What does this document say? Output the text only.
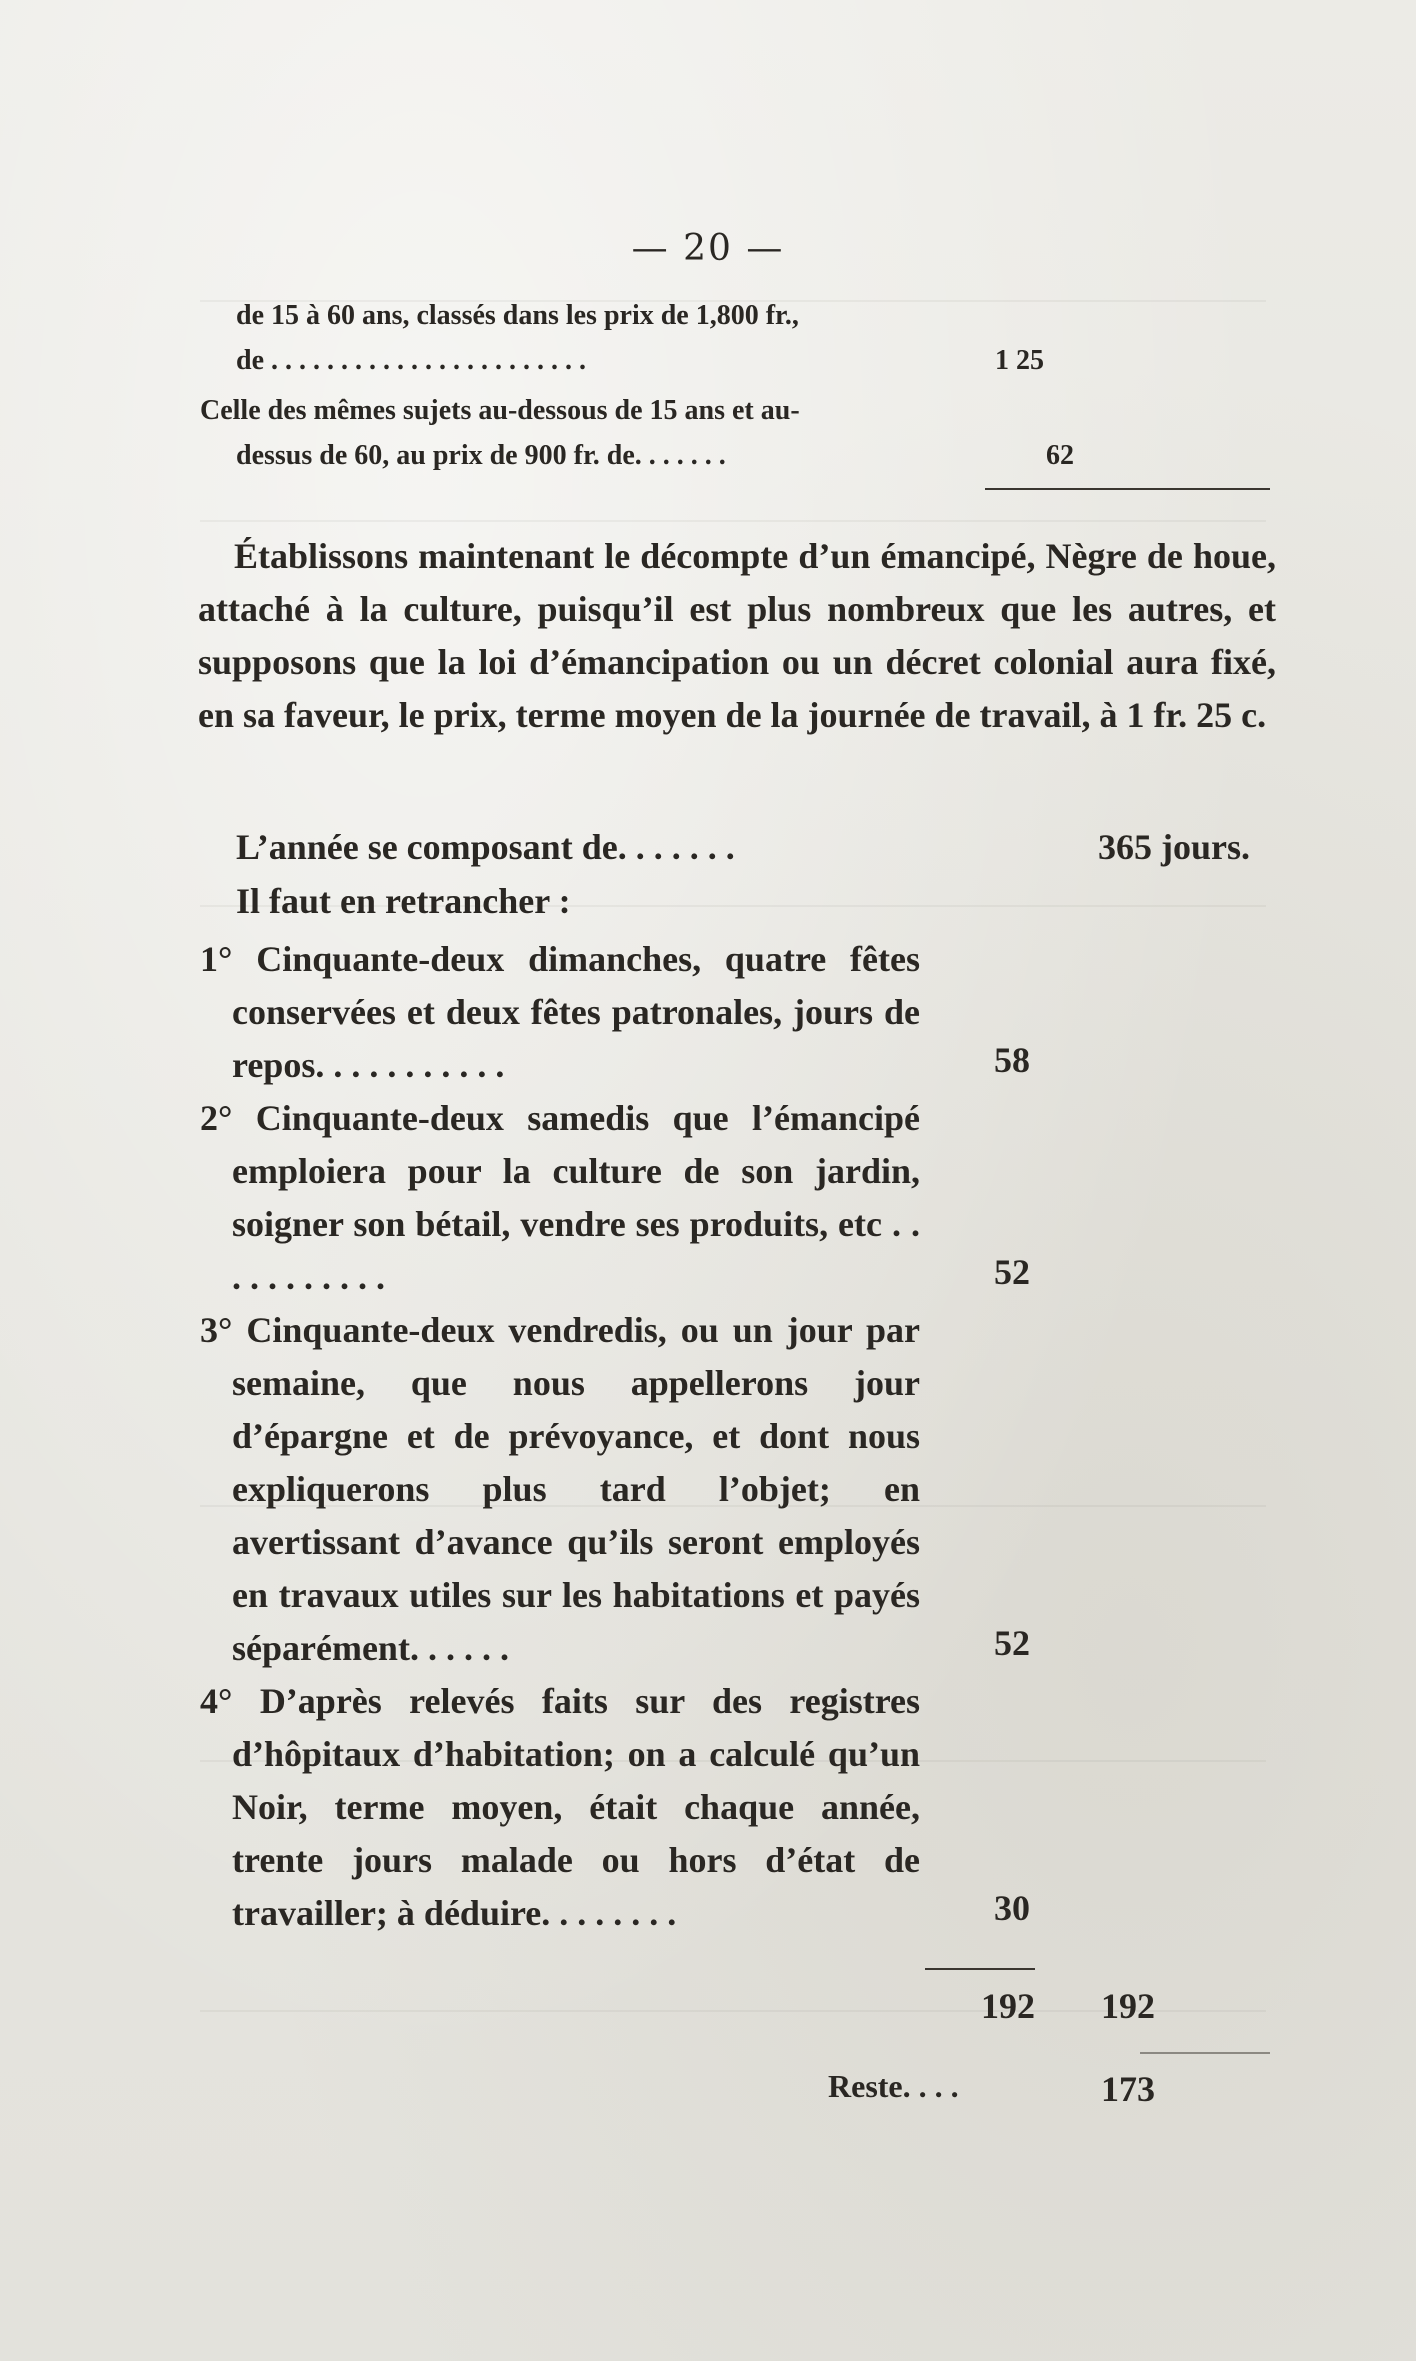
— 20 —
de 15 à 60 ans, classés dans les prix de 1,800 fr.,
de . . . . . . . . . . . . . . . . . . . . . . .	1 25
Celle des mêmes sujets au-dessous de 15 ans et au-
dessus de 60, au prix de 900 fr. de. . . . . . .	62
Établissons maintenant le décompte d’un émancipé, Nègre de houe, attaché à la culture, puisqu’il est plus nombreux que les autres, et supposons que la loi d’émancipation ou un décret colonial aura fixé, en sa faveur, le prix, terme moyen de la journée de travail, à 1 fr. 25 c.
L’année se composant de. . . . . . .	365 jours.
Il faut en retrancher :
1° Cinquante-deux dimanches, quatre fêtes conservées et deux fêtes patronales, jours de repos. . . . . . . . . . .	58
2° Cinquante-deux samedis que l’émancipé emploiera pour la culture de son jardin, soigner son bétail, vendre ses produits, etc . . . . . . . . . . .	52
3° Cinquante-deux vendredis, ou un jour par semaine, que nous appellerons jour d’épargne et de prévoyance, et dont nous expliquerons plus tard l’objet; en avertissant d’avance qu’ils seront employés en travaux utiles sur les habitations et payés séparément. . . . . .	52
4° D’après relevés faits sur des registres d’hôpitaux d’habitation; on a calculé qu’un Noir, terme moyen, était chaque année, trente jours malade ou hors d’état de travailler; à déduire. . . . . . . .	30
192	192
Reste. . . .	173
